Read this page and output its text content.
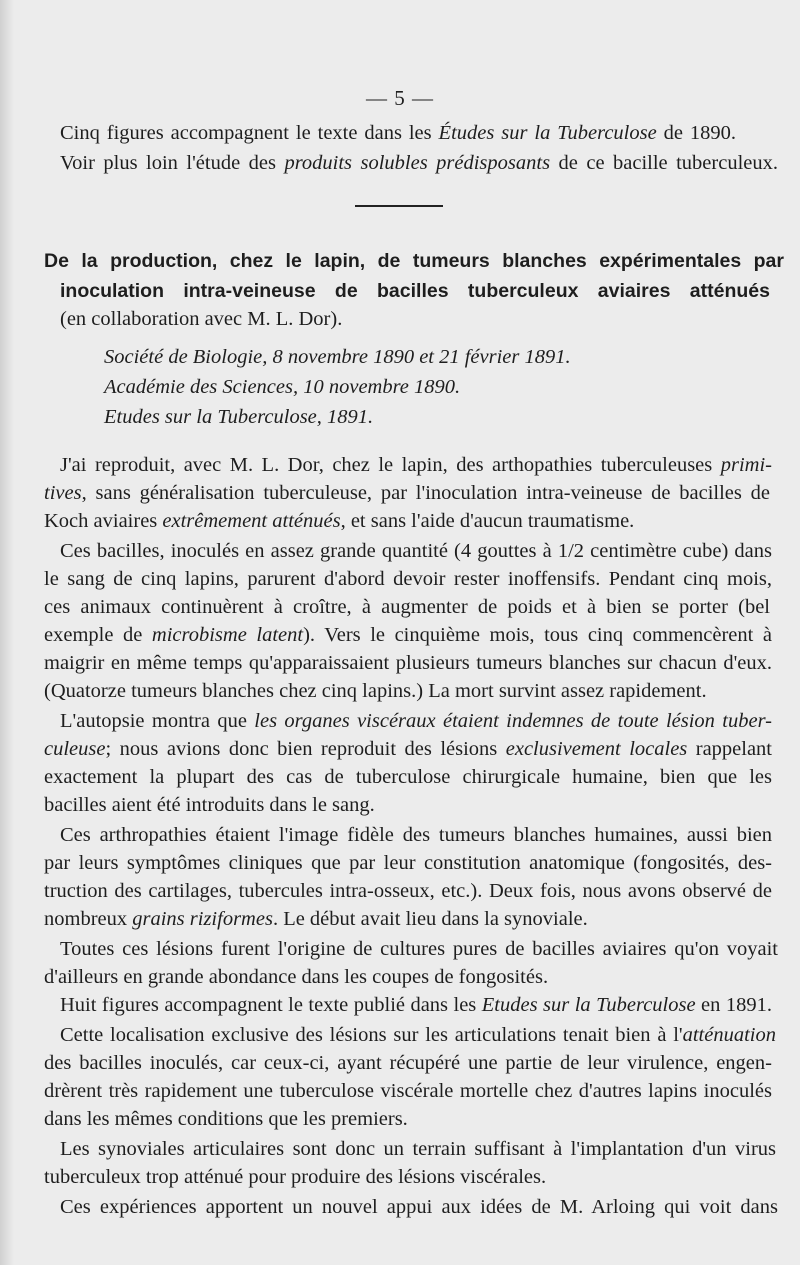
— 5 —
Cinq figures accompagnent le texte dans les Études sur la Tuberculose de 1890.
Voir plus loin l'étude des produits solubles prédisposants de ce bacille tuberculeux.
De la production, chez le lapin, de tumeurs blanches expérimentales par
inoculation intra-veineuse de bacilles tuberculeux aviaires atténués
(en collaboration avec M. L. Dor).
Société de Biologie, 8 novembre 1890 et 21 février 1891.
Académie des Sciences, 10 novembre 1890.
Etudes sur la Tuberculose, 1891.
J'ai reproduit, avec M. L. Dor, chez le lapin, des arthopathies tuberculeuses primi-
tives, sans généralisation tuberculeuse, par l'inoculation intra-veineuse de bacilles de
Koch aviaires extrêmement atténués, et sans l'aide d'aucun traumatisme.
Ces bacilles, inoculés en assez grande quantité (4 gouttes à 1/2 centimètre cube) dans
le sang de cinq lapins, parurent d'abord devoir rester inoffensifs. Pendant cinq mois,
ces animaux continuèrent à croître, à augmenter de poids et à bien se porter (bel
exemple de microbisme latent). Vers le cinquième mois, tous cinq commencèrent à
maigrir en même temps qu'apparaissaient plusieurs tumeurs blanches sur chacun d'eux.
(Quatorze tumeurs blanches chez cinq lapins.) La mort survint assez rapidement.
L'autopsie montra que les organes viscéraux étaient indemnes de toute lésion tuber-
culeuse; nous avions donc bien reproduit des lésions exclusivement locales rappelant
exactement la plupart des cas de tuberculose chirurgicale humaine, bien que les
bacilles aient été introduits dans le sang.
Ces arthropathies étaient l'image fidèle des tumeurs blanches humaines, aussi bien
par leurs symptômes cliniques que par leur constitution anatomique (fongosités, des-
truction des cartilages, tubercules intra-osseux, etc.). Deux fois, nous avons observé de
nombreux grains riziformes. Le début avait lieu dans la synoviale.
Toutes ces lésions furent l'origine de cultures pures de bacilles aviaires qu'on voyait
d'ailleurs en grande abondance dans les coupes de fongosités.
Huit figures accompagnent le texte publié dans les Etudes sur la Tuberculose en 1891.
Cette localisation exclusive des lésions sur les articulations tenait bien à l'atténuation
des bacilles inoculés, car ceux-ci, ayant récupéré une partie de leur virulence, engen-
drèrent très rapidement une tuberculose viscérale mortelle chez d'autres lapins inoculés
dans les mêmes conditions que les premiers.
Les synoviales articulaires sont donc un terrain suffisant à l'implantation d'un virus
tuberculeux trop atténué pour produire des lésions viscérales.
Ces expériences apportent un nouvel appui aux idées de M. Arloing qui voit dans
